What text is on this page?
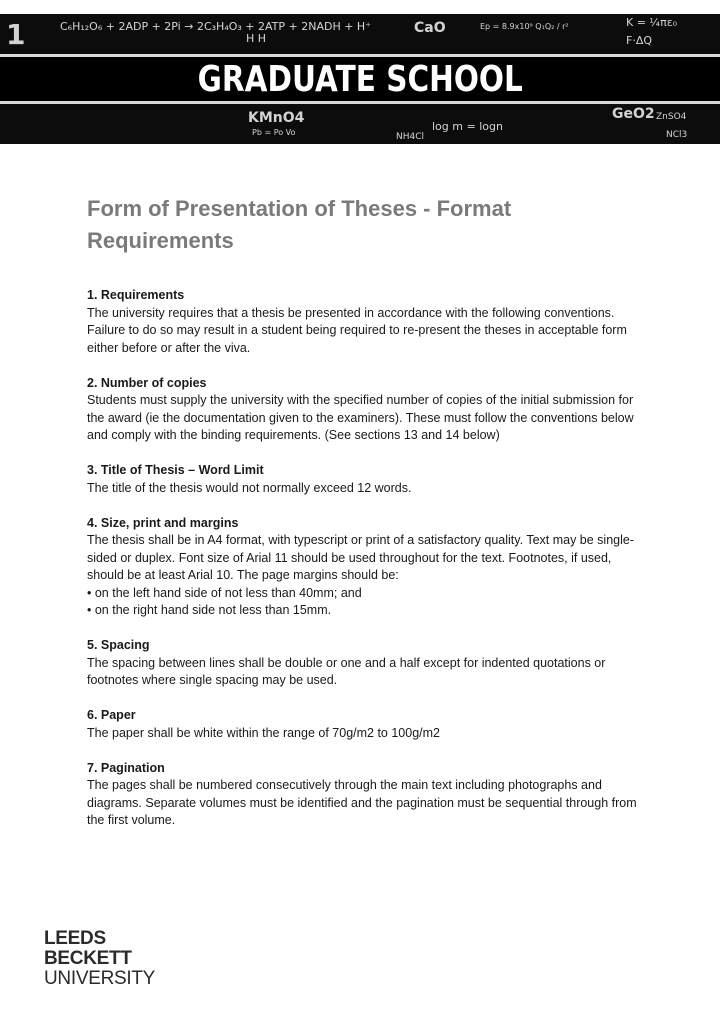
1	C₆H₁₂O₆ + 2ADP + 2Pi → 2C₃H₄O₃ + 2ATP + 2NADH + H⁺
H H
CaO	Ep = 8.9x10⁹ Q₁Q₂ / r²	K = ¼πε₀
F·ΔQ
GRADUATE SCHOOL
KMnO4
Pb = Po Vo	log m = logn
NH4Cl
GeO2 ZnSO4
NCl3
Form of Presentation of Theses - Format Requirements
1. Requirements

The university requires that a thesis be presented in accordance with the following conventions. Failure to do so may result in a student being required to re-present the theses in acceptable form either before or after the viva.

2. Number of copies

Students must supply the university with the specified number of copies of the initial submission for the award (ie the documentation given to the examiners). These must follow the conventions below and comply with the binding requirements. (See sections 13 and 14 below)

3. Title of Thesis – Word Limit

The title of the thesis would not normally exceed 12 words.

4. Size, print and margins

The thesis shall be in A4 format, with typescript or print of a satisfactory quality. Text may be single-sided or duplex. Font size of Arial 11 should be used throughout for the text. Footnotes, if used, should be at least Arial 10. The page margins should be:

• on the left hand side of not less than 40mm; and

• on the right hand side not less than 15mm.

5. Spacing

The spacing between lines shall be double or one and a half except for indented quotations or footnotes where single spacing may be used.

6. Paper

The paper shall be white within the range of 70g/m2 to 100g/m2

7. Pagination

The pages shall be numbered consecutively through the main text including photographs and diagrams. Separate volumes must be identified and the pagination must be sequential through from the first volume.

LEEDS
BECKETT
UNIVERSITY
